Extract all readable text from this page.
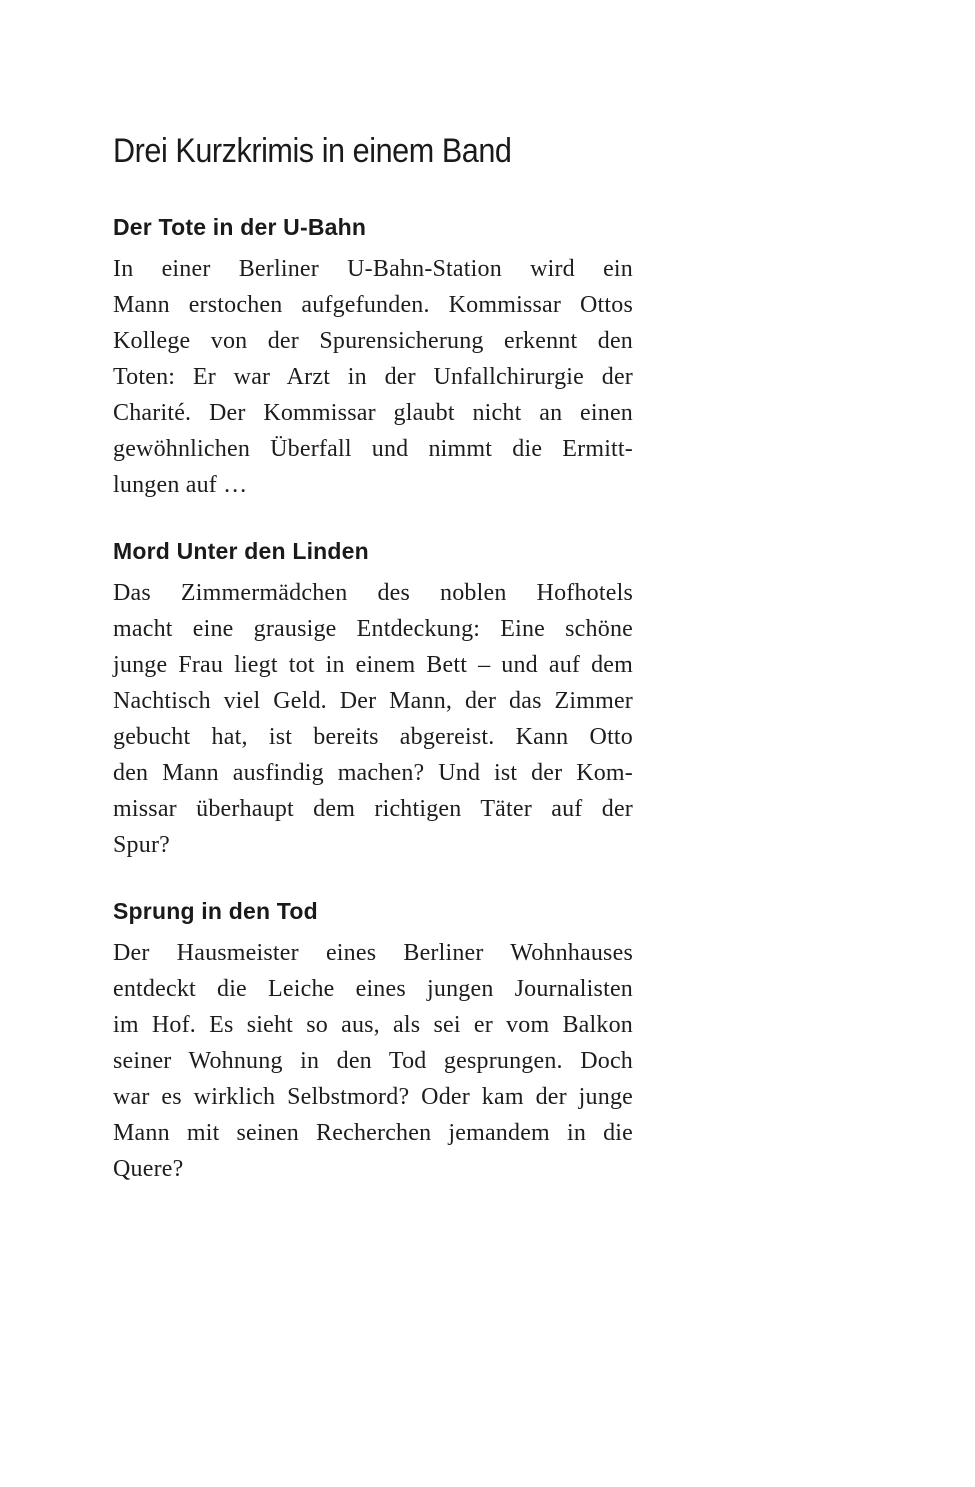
Drei Kurzkrimis in einem Band
Der Tote in der U-Bahn
In einer Berliner U-Bahn-Station wird ein
Mann erstochen aufgefunden. Kommissar Ottos
Kollege von der Spurensicherung erkennt den
Toten: Er war Arzt in der Unfallchirurgie der
Charité. Der Kommissar glaubt nicht an einen
gewöhnlichen Überfall und nimmt die Ermitt-
lungen auf …
Mord Unter den Linden
Das Zimmermädchen des noblen Hofhotels
macht eine grausige Entdeckung: Eine schöne
junge Frau liegt tot in einem Bett – und auf dem
Nachtisch viel Geld. Der Mann, der das Zimmer
gebucht hat, ist bereits abgereist. Kann Otto
den Mann ausfindig machen? Und ist der Kom-
missar überhaupt dem richtigen Täter auf der
Spur?
Sprung in den Tod
Der Hausmeister eines Berliner Wohnhauses
entdeckt die Leiche eines jungen Journalisten
im Hof. Es sieht so aus, als sei er vom Balkon
seiner Wohnung in den Tod gesprungen. Doch
war es wirklich Selbstmord? Oder kam der junge
Mann mit seinen Recherchen jemandem in die
Quere?
